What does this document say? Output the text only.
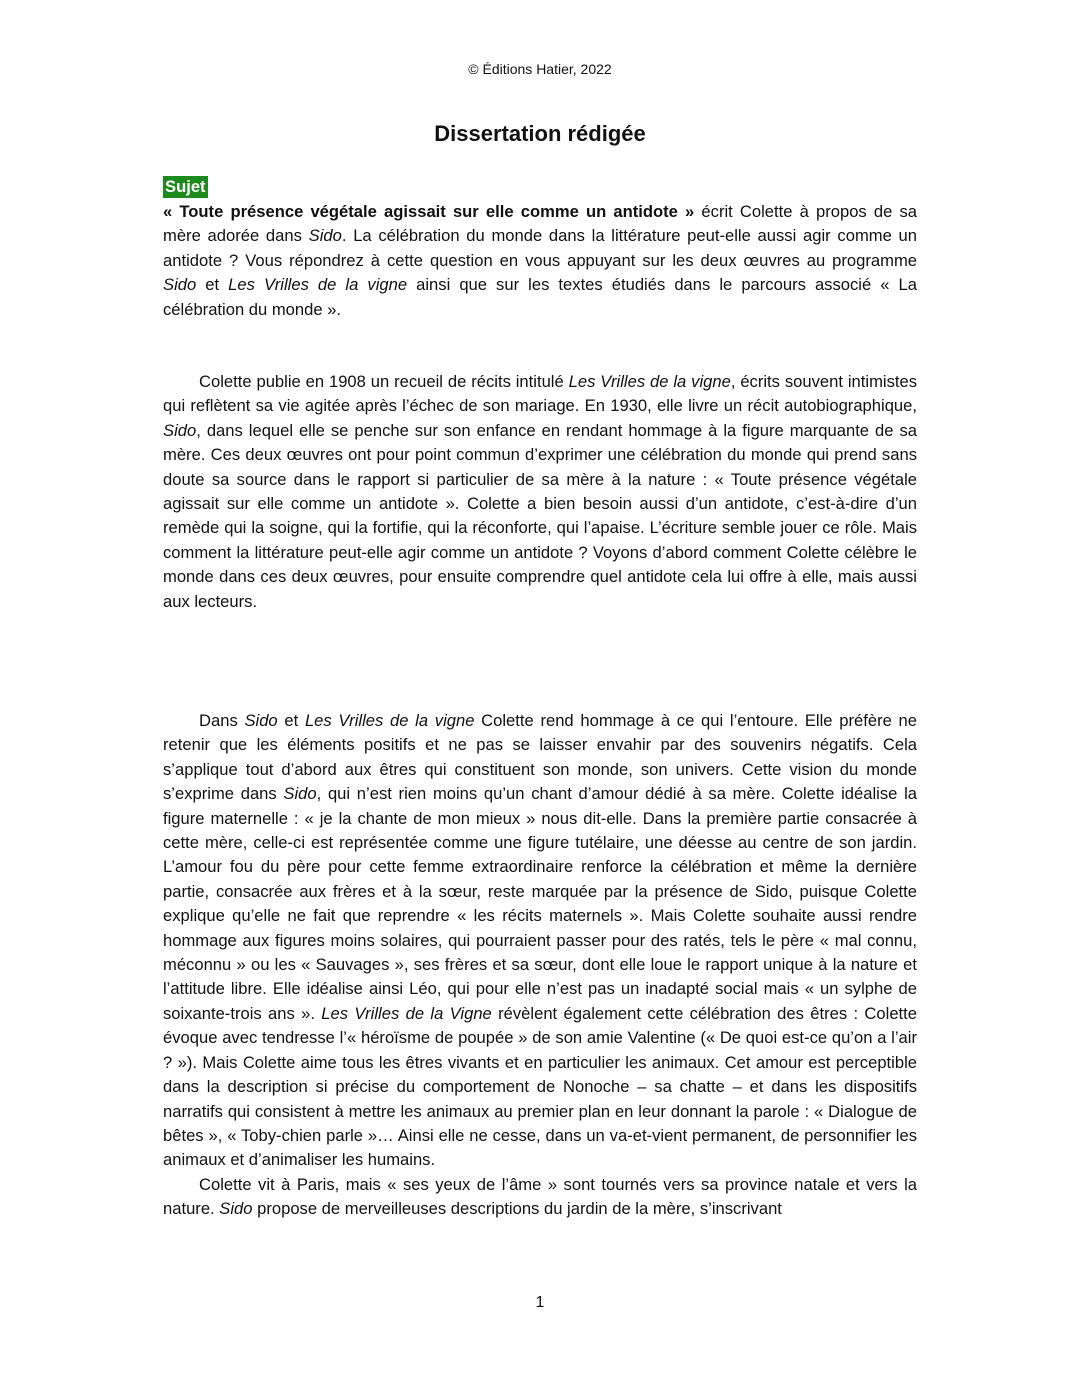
© Éditions Hatier, 2022
Dissertation rédigée
Sujet

« Toute présence végétale agissait sur elle comme un antidote » écrit Colette à propos de sa mère adorée dans Sido. La célébration du monde dans la littérature peut-elle aussi agir comme un antidote ? Vous répondrez à cette question en vous appuyant sur les deux œuvres au programme Sido et Les Vrilles de la vigne ainsi que sur les textes étudiés dans le parcours associé « La célébration du monde ».

Colette publie en 1908 un recueil de récits intitulé Les Vrilles de la vigne, écrits souvent intimistes qui reflètent sa vie agitée après l’échec de son mariage. En 1930, elle livre un récit autobiographique, Sido, dans lequel elle se penche sur son enfance en rendant hommage à la figure marquante de sa mère. Ces deux œuvres ont pour point commun d’exprimer une célébration du monde qui prend sans doute sa source dans le rapport si particulier de sa mère à la nature : « Toute présence végétale agissait sur elle comme un antidote ». Colette a bien besoin aussi d’un antidote, c’est-à-dire d’un remède qui la soigne, qui la fortifie, qui la réconforte, qui l’apaise. L’écriture semble jouer ce rôle. Mais comment la littérature peut-elle agir comme un antidote ? Voyons d’abord comment Colette célèbre le monde dans ces deux œuvres, pour ensuite comprendre quel antidote cela lui offre à elle, mais aussi aux lecteurs.

Dans Sido et Les Vrilles de la vigne Colette rend hommage à ce qui l’entoure. Elle préfère ne retenir que les éléments positifs et ne pas se laisser envahir par des souvenirs négatifs. Cela s’applique tout d’abord aux êtres qui constituent son monde, son univers. Cette vision du monde s’exprime dans Sido, qui n’est rien moins qu’un chant d’amour dédié à sa mère. Colette idéalise la figure maternelle : « je la chante de mon mieux » nous dit-elle. Dans la première partie consacrée à cette mère, celle-ci est représentée comme une figure tutélaire, une déesse au centre de son jardin. L’amour fou du père pour cette femme extraordinaire renforce la célébration et même la dernière partie, consacrée aux frères et à la sœur, reste marquée par la présence de Sido, puisque Colette explique qu’elle ne fait que reprendre « les récits maternels ». Mais Colette souhaite aussi rendre hommage aux figures moins solaires, qui pourraient passer pour des ratés, tels le père « mal connu, méconnu » ou les « Sauvages », ses frères et sa sœur, dont elle loue le rapport unique à la nature et l’attitude libre. Elle idéalise ainsi Léo, qui pour elle n’est pas un inadapté social mais « un sylphe de soixante-trois ans ». Les Vrilles de la Vigne révèlent également cette célébration des êtres : Colette évoque avec tendresse l’« héroïsme de poupée » de son amie Valentine (« De quoi est-ce qu’on a l’air ? »). Mais Colette aime tous les êtres vivants et en particulier les animaux. Cet amour est perceptible dans la description si précise du comportement de Nonoche – sa chatte – et dans les dispositifs narratifs qui consistent à mettre les animaux au premier plan en leur donnant la parole : « Dialogue de bêtes », « Toby-chien parle »… Ainsi elle ne cesse, dans un va-et-vient permanent, de personnifier les animaux et d’animaliser les humains.

Colette vit à Paris, mais « ses yeux de l’âme » sont tournés vers sa province natale et vers la nature. Sido propose de merveilleuses descriptions du jardin de la mère, s’inscrivant

1
